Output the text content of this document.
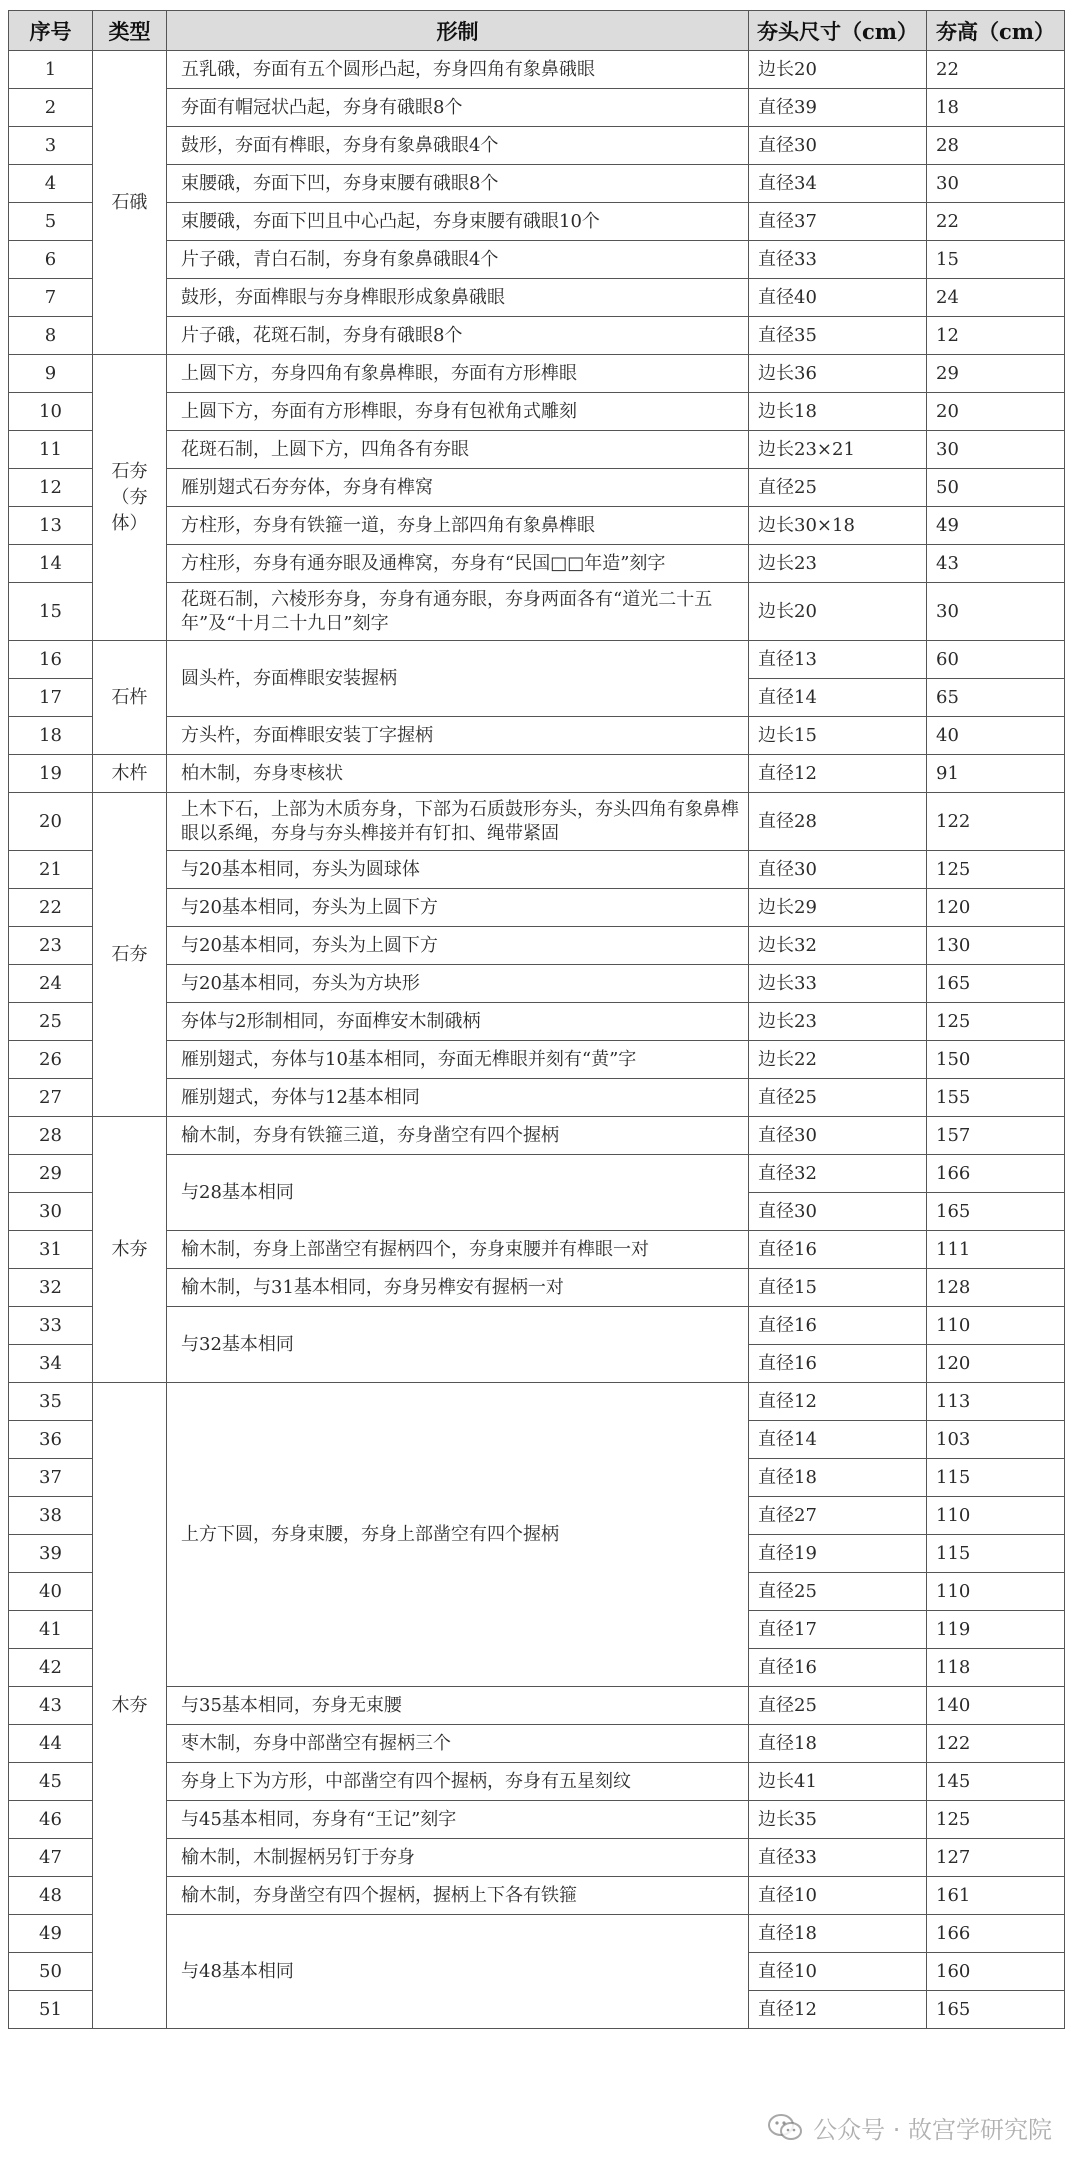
序号	类型	形制	夯头尺寸（cm）	夯高（cm）
1	石硪	五乳硪，夯面有五个圆形凸起，夯身四角有象鼻硪眼	边长20	22
2		夯面有帽冠状凸起，夯身有硪眼8个	直径39	18
3		鼓形，夯面有榫眼，夯身有象鼻硪眼4个	直径30	28
4		束腰硪，夯面下凹，夯身束腰有硪眼8个	直径34	30
5		束腰硪，夯面下凹且中心凸起，夯身束腰有硪眼10个	直径37	22
6		片子硪，青白石制，夯身有象鼻硪眼4个	直径33	15
7		鼓形，夯面榫眼与夯身榫眼形成象鼻硪眼	直径40	24
8		片子硪，花斑石制，夯身有硪眼8个	直径35	12
9	石夯（夯体）	上圆下方，夯身四角有象鼻榫眼，夯面有方形榫眼	边长36	29
10		上圆下方，夯面有方形榫眼，夯身有包袱角式雕刻	边长18	20
11		花斑石制，上圆下方，四角各有夯眼	边长23×21	30
12		雁别翅式石夯夯体，夯身有榫窝	直径25	50
13		方柱形，夯身有铁箍一道，夯身上部四角有象鼻榫眼	边长30×18	49
14		方柱形，夯身有通夯眼及通榫窝，夯身有“民国□□年造”刻字	边长23	43
15		花斑石制，六棱形夯身，夯身有通夯眼，夯身两面各有“道光二十五年”及“十月二十九日”刻字	边长20	30
16	石杵	圆头杵，夯面榫眼安装握柄	直径13	60
17			直径14	65
18		方头杵，夯面榫眼安装丁字握柄	边长15	40
19	木杵	柏木制，夯身枣核状	直径12	91
20	石夯	上木下石，上部为木质夯身，下部为石质鼓形夯头，夯头四角有象鼻榫眼以系绳，夯身与夯头榫接并有钉扣、绳带紧固	直径28	122
21		与20基本相同，夯头为圆球体	直径30	125
22		与20基本相同，夯头为上圆下方	边长29	120
23		与20基本相同，夯头为上圆下方	边长32	130
24		与20基本相同，夯头为方块形	边长33	165
25		夯体与2形制相同，夯面榫安木制硪柄	边长23	125
26		雁别翅式，夯体与10基本相同，夯面无榫眼并刻有“黄”字	边长22	150
27		雁别翅式，夯体与12基本相同	直径25	155
28	木夯	榆木制，夯身有铁箍三道，夯身凿空有四个握柄	直径30	157
29		与28基本相同	直径32	166
30			直径30	165
31		榆木制，夯身上部凿空有握柄四个，夯身束腰并有榫眼一对	直径16	111
32		榆木制，与31基本相同，夯身另榫安有握柄一对	直径15	128
33		与32基本相同	直径16	110
34			直径16	120
35	木夯	上方下圆，夯身束腰，夯身上部凿空有四个握柄	直径12	113
36			直径14	103
37			直径18	115
38			直径27	110
39			直径19	115
40			直径25	110
41			直径17	119
42			直径16	118
43		与35基本相同，夯身无束腰	直径25	140
44		枣木制，夯身中部凿空有握柄三个	直径18	122
45		夯身上下为方形，中部凿空有四个握柄，夯身有五星刻纹	边长41	145
46		与45基本相同，夯身有“王记”刻字	边长35	125
47		榆木制，木制握柄另钉于夯身	直径33	127
48		榆木制，夯身凿空有四个握柄，握柄上下各有铁箍	直径10	161
49		与48基本相同	直径18	166
50			直径10	160
51			直径12	165
公众号 · 故宫学研究院
